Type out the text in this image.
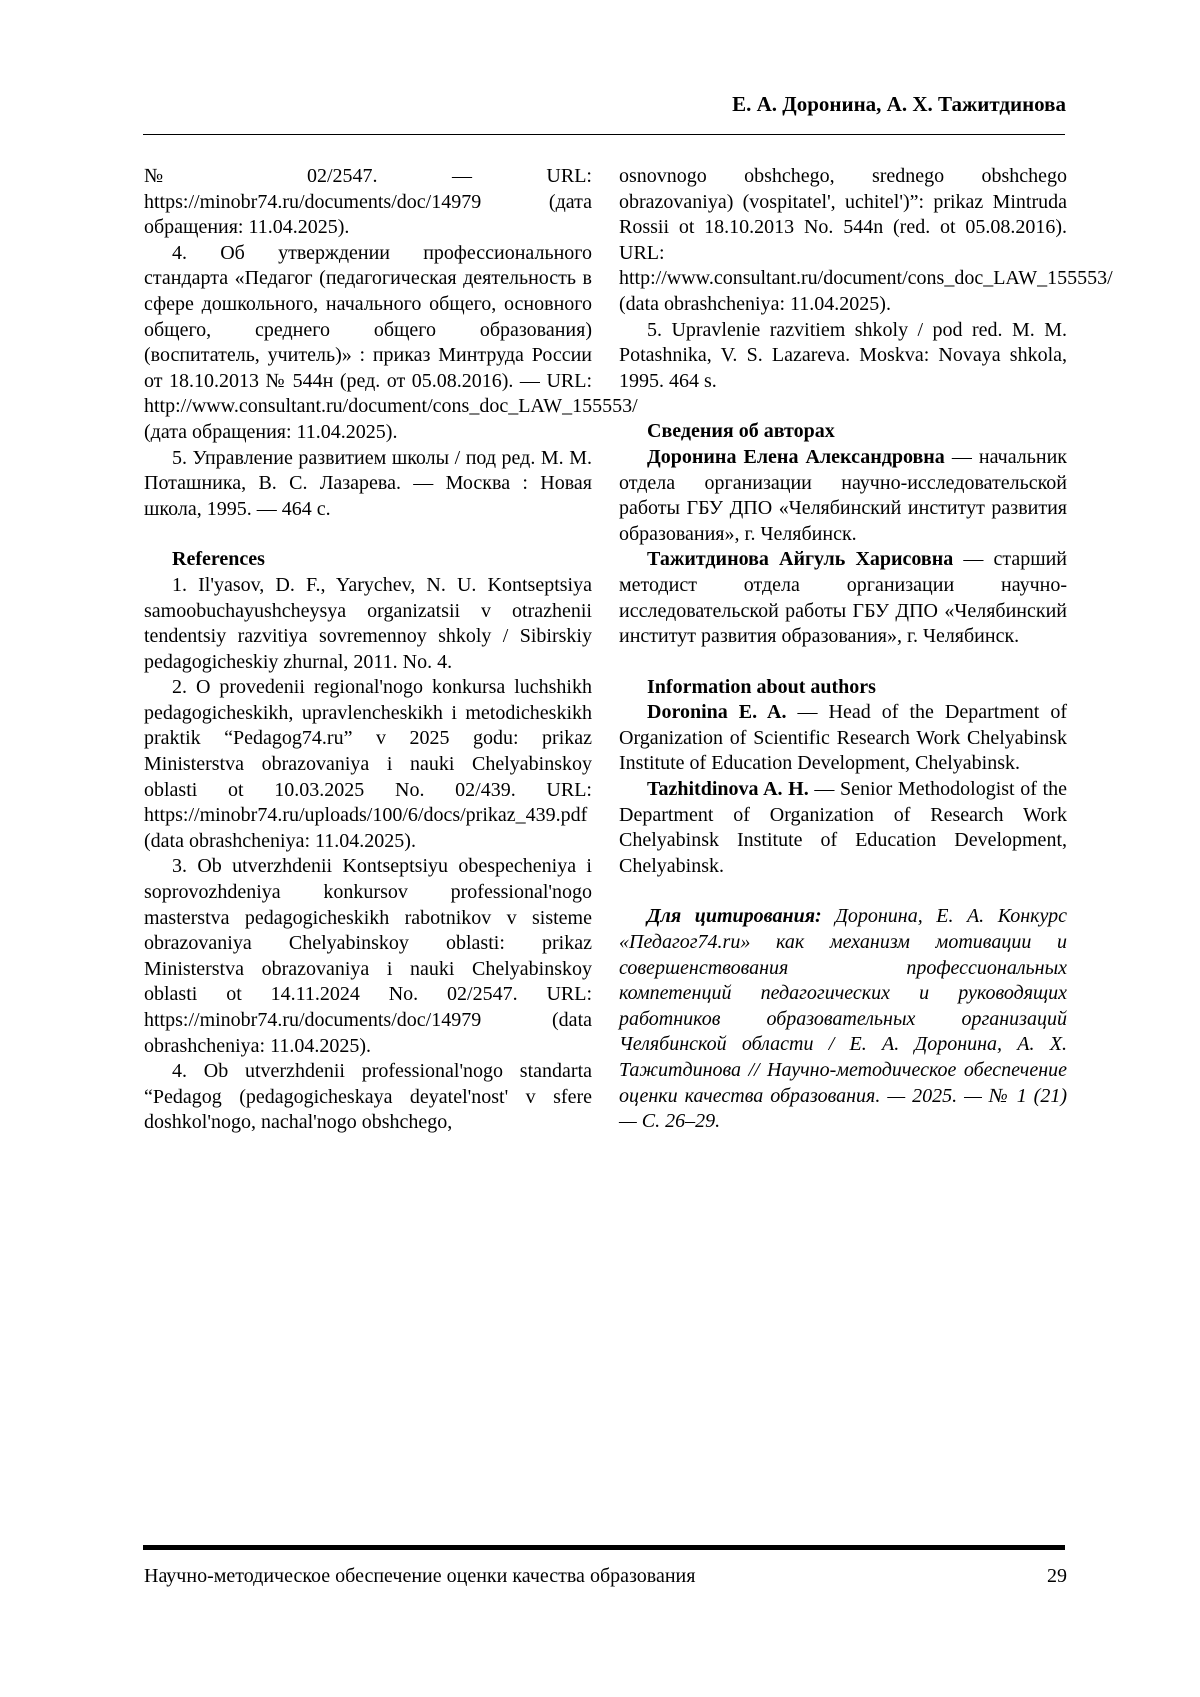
Е. А. Доронина, А. Х. Тажитдинова

№ 02/2547. — URL: https://minobr74.ru/documents/doc/14979 (дата обращения: 11.04.2025).

4. Об утверждении профессионального стандарта «Педагог (педагогическая деятельность в сфере дошкольного, начального общего, основного общего, среднего общего образования) (воспитатель, учитель)» : приказ Минтруда России от 18.10.2013 № 544н (ред. от 05.08.2016). — URL: http://www.consultant.ru/document/cons_doc_LAW_155553/ (дата обращения: 11.04.2025).

5. Управление развитием школы / под ред. М. М. Поташника, В. С. Лазарева. — Москва : Новая школа, 1995. — 464 с.

References

1. Il'yasov, D. F., Yarychev, N. U. Kontseptsiya samoobuchayushcheysya organizatsii v otrazhenii tendentsiy razvitiya sovremennoy shkoly / Sibirskiy pedagogicheskiy zhurnal, 2011. No. 4.

2. O provedenii regional'nogo konkursa luchshikh pedagogicheskikh, upravlencheskikh i metodicheskikh praktik “Pedagog74.ru” v 2025 godu: prikaz Ministerstva obrazovaniya i nauki Chelyabinskoy oblasti ot 10.03.2025 No. 02/439. URL: https://minobr74.ru/uploads/100/6/docs/prikaz_439.pdf (data obrashcheniya: 11.04.2025).

3. Ob utverzhdenii Kontseptsiyu obespecheniya i soprovozhdeniya konkursov professional'nogo masterstva pedagogicheskikh rabotnikov v sisteme obrazovaniya Chelyabinskoy oblasti: prikaz Ministerstva obrazovaniya i nauki Chelyabinskoy oblasti ot 14.11.2024 No. 02/2547. URL: https://minobr74.ru/documents/doc/14979 (data obrashcheniya: 11.04.2025).

4. Ob utverzhdenii professional'nogo standarta “Pedagog (pedagogicheskaya deyatel'nost' v sfere doshkol'nogo, nachal'nogo obshchego,

osnovnogo obshchego, srednego obshchego obrazovaniya) (vospitatel', uchitel')”: prikaz Mintruda Rossii ot 18.10.2013 No. 544n (red. ot 05.08.2016). URL: http://www.consultant.ru/document/cons_doc_LAW_155553/ (data obrashcheniya: 11.04.2025).

5. Upravlenie razvitiem shkoly / pod red. M. M. Potashnika, V. S. Lazareva. Moskva: Novaya shkola, 1995. 464 s.

Сведения об авторах

Доронина Елена Александровна — начальник отдела организации научно-исследовательской работы ГБУ ДПО «Челябинский институт развития образования», г. Челябинск.

Тажитдинова Айгуль Харисовна — старший методист отдела организации научно-исследовательской работы ГБУ ДПО «Челябинский институт развития образования», г. Челябинск.

Information about authors

Doronina E. A. — Head of the Department of Organization of Scientific Research Work Chelyabinsk Institute of Education Development, Chelyabinsk.

Tazhitdinova A. H. — Senior Methodologist of the Department of Organization of Research Work Chelyabinsk Institute of Education Development, Chelyabinsk.

Для цитирования: Доронина, Е. А. Конкурс «Педагог74.ru» как механизм мотивации и совершенствования профессиональных компетенций педагогических и руководящих работников образовательных организаций Челябинской области / Е. А. Доронина, А. Х. Тажитдинова // Научно-методическое обеспечение оценки качества образования. — 2025. — № 1 (21) — С. 26–29.

Научно-методическое обеспечение оценки качества образования	29
